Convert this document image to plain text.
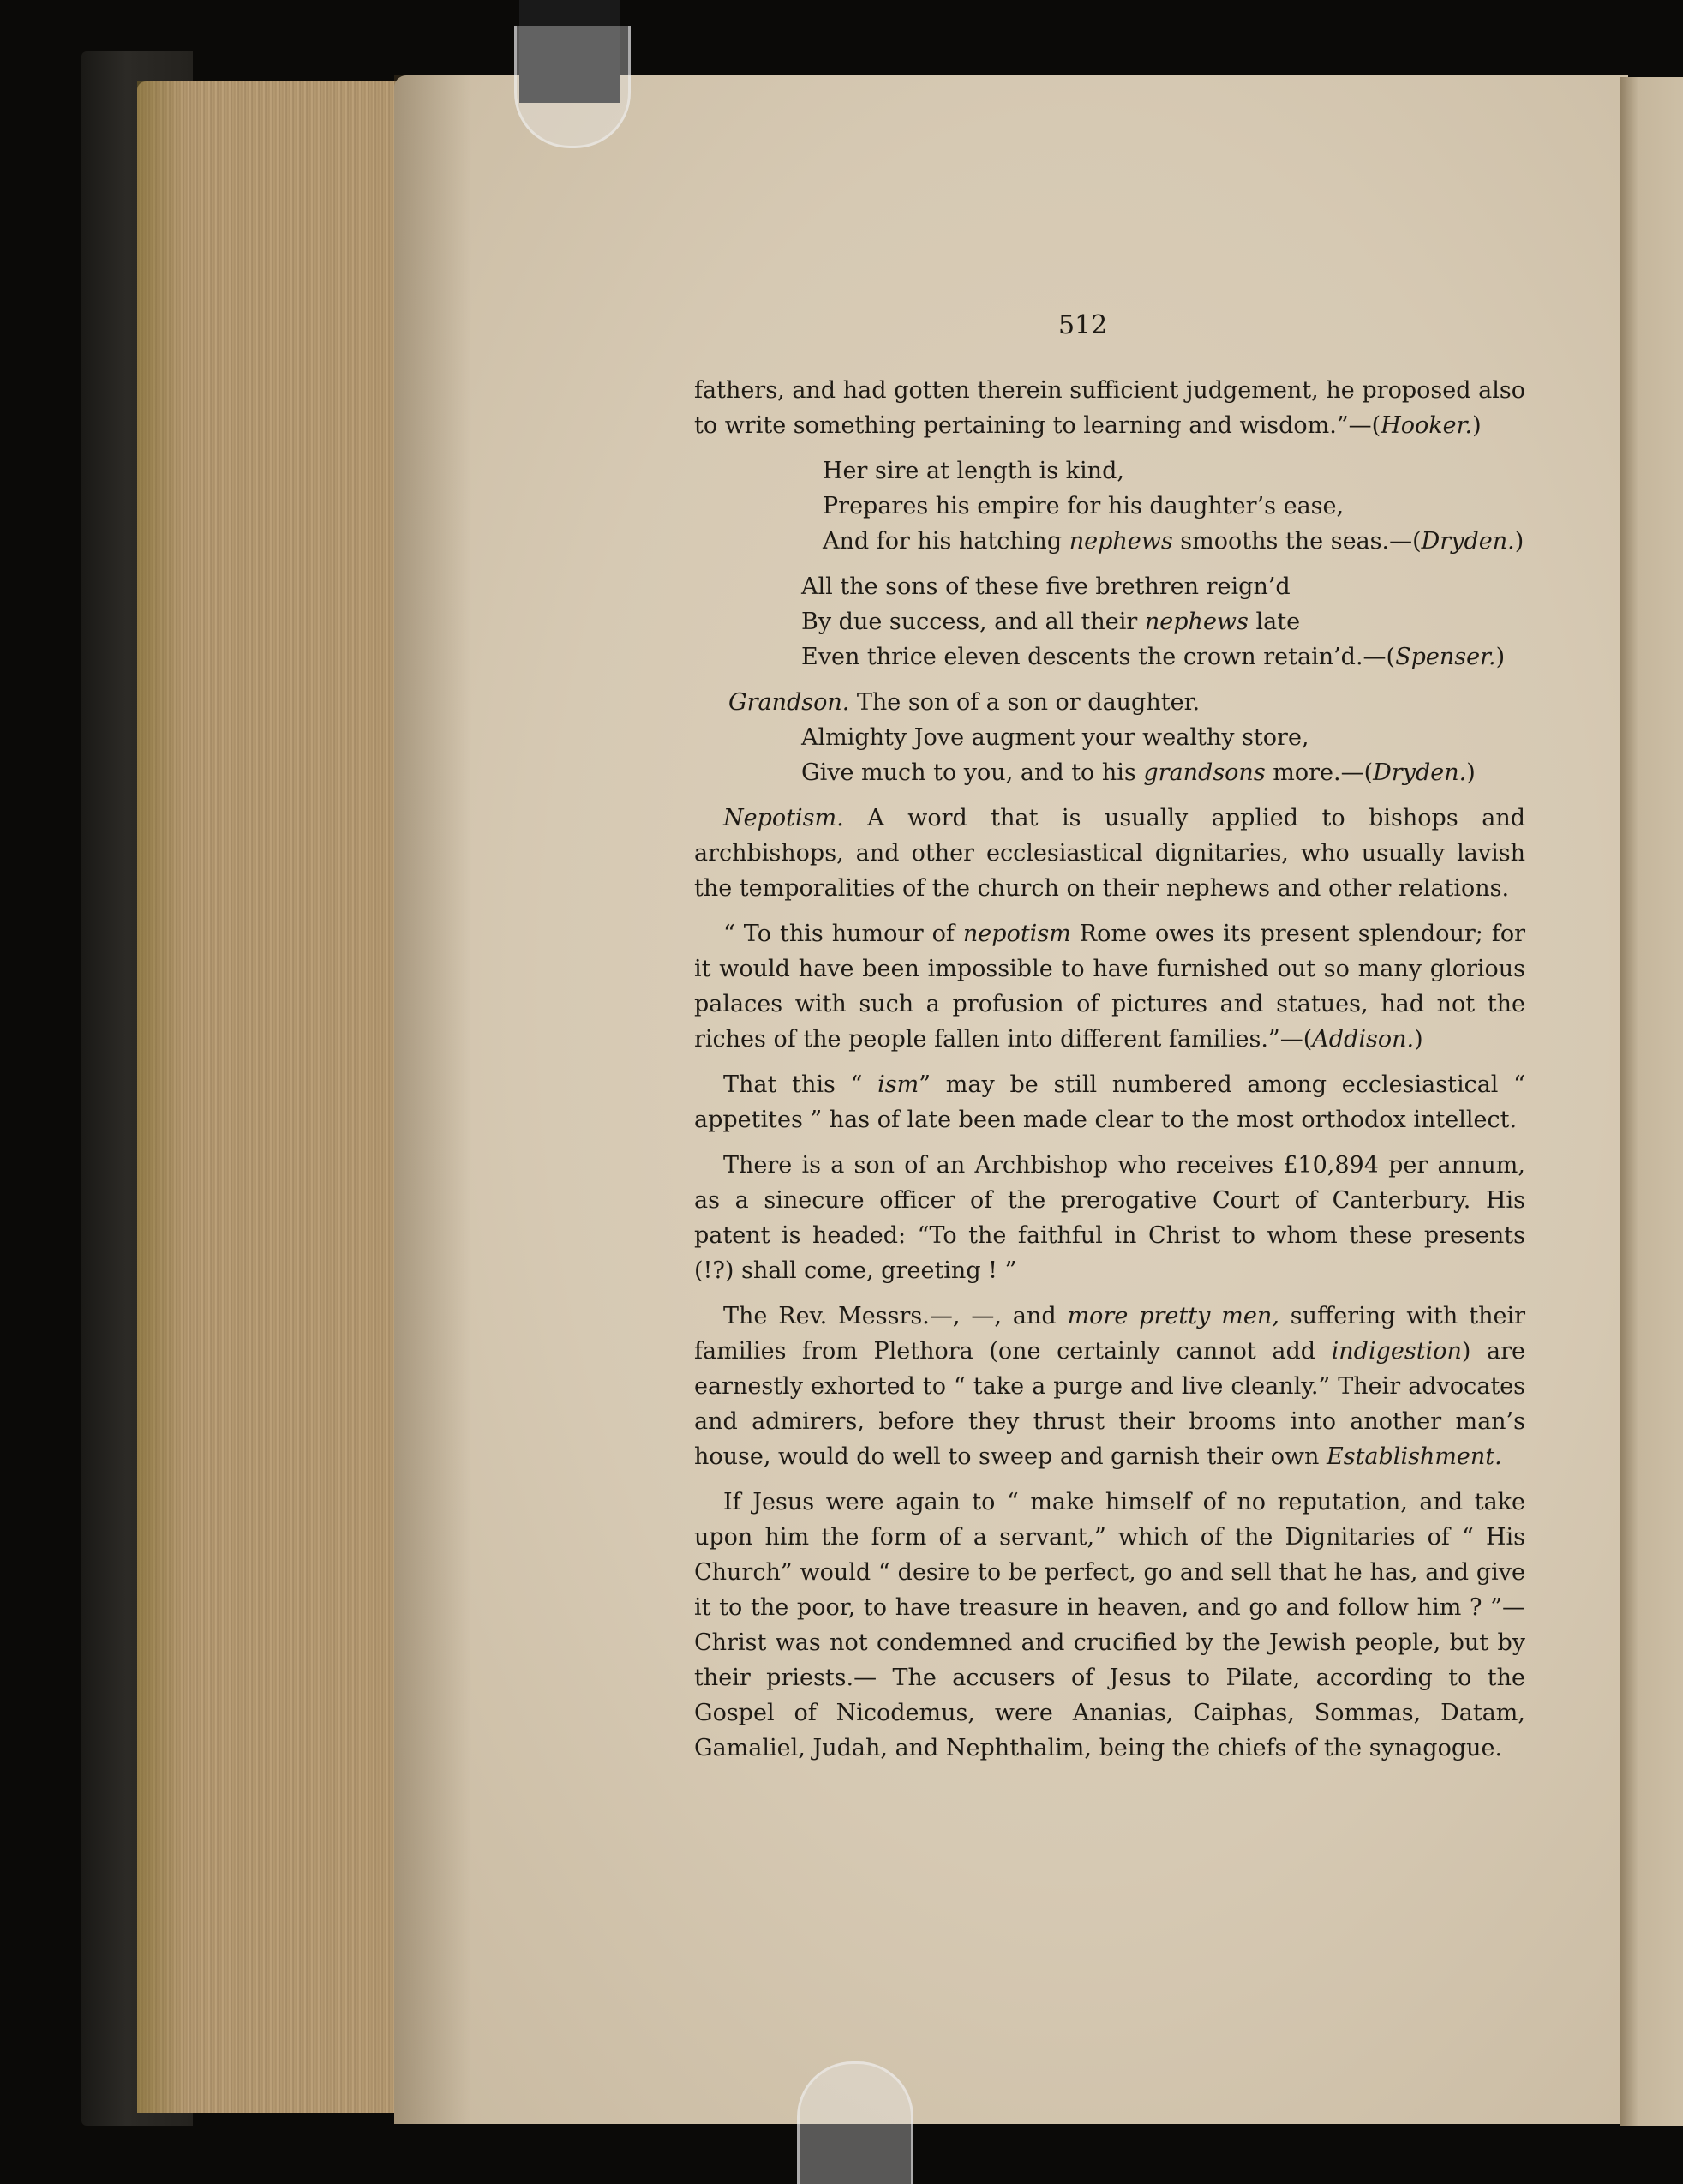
512

fathers, and had gotten therein sufficient judgement, he proposed also to write something pertaining to learning and wisdom.”—(Hooker.)

Her sire at length is kind,
Prepares his empire for his daughter’s ease,
And for his hatching nephews smooths the seas.—(Dryden.)
All the sons of these five brethren reign’d
By due success, and all their nephews late
Even thrice eleven descents the crown retain’d.—(Spenser.)
Grandson. The son of a son or daughter.
Almighty Jove augment your wealthy store,
Give much to you, and to his grandsons more.—(Dryden.)

Nepotism. A word that is usually applied to bishops and archbishops, and other ecclesiastical dignitaries, who usually lavish the temporalities of the church on their nephews and other relations.

“ To this humour of nepotism Rome owes its present splendour; for it would have been impossible to have furnished out so many glorious palaces with such a profusion of pictures and statues, had not the riches of the people fallen into different families.”—(Addison.)

That this “ ism” may be still numbered among ecclesiastical “ appetites ” has of late been made clear to the most orthodox intellect.

There is a son of an Archbishop who receives £10,894 per annum, as a sinecure officer of the prerogative Court of Canterbury. His patent is headed: “To the faithful in Christ to whom these presents (!?) shall come, greeting ! ”

The Rev. Messrs.—, —, and more pretty men, suffering with their families from Plethora (one certainly cannot add indigestion) are earnestly exhorted to “ take a purge and live cleanly.” Their advocates and admirers, before they thrust their brooms into another man’s house, would do well to sweep and garnish their own Establishment.

If Jesus were again to “ make himself of no reputation, and take upon him the form of a servant,” which of the Dignitaries of “ His Church” would “ desire to be perfect, go and sell that he has, and give it to the poor, to have treasure in heaven, and go and follow him ? ”—Christ was not condemned and crucified by the Jewish people, but by their priests.— The accusers of Jesus to Pilate, according to the Gospel of Nicodemus, were Ananias, Caiphas, Sommas, Datam, Gamaliel, Judah, and Nephthalim, being the chiefs of the synagogue.
